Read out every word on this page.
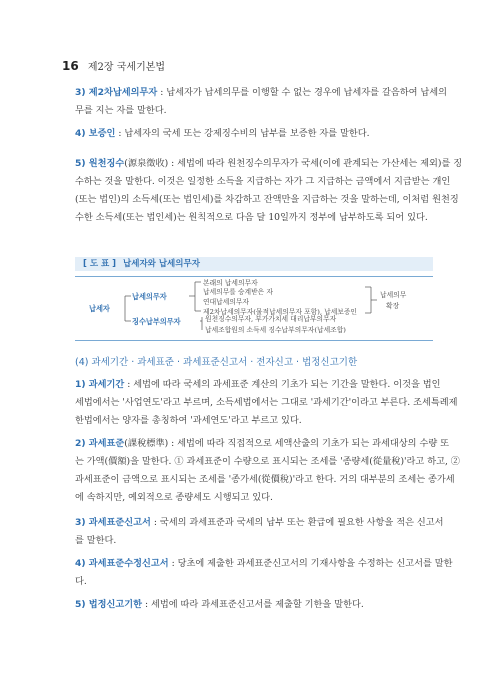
16 제2장 국세기본법
3) 제2차납세의무자 : 납세자가 납세의무를 이행할 수 없는 경우에 납세자를 갈음하여 납세의
무를 지는 자를 말한다.
4) 보증인 : 납세자의 국세 또는 강제징수비의 납부를 보증한 자를 말한다.
5) 원천징수(源泉徵收) : 세법에 따라 원천징수의무자가 국세(이에 관계되는 가산세는 제외)를 징
수하는 것을 말한다. 이것은 일정한 소득을 지급하는 자가 그 지급하는 금액에서 지급받는 개인
(또는 법인)의 소득세(또는 법인세)를 차감하고 잔액만을 지급하는 것을 말하는데, 이처럼 원천징
수한 소득세(또는 법인세)는 원칙적으로 다음 달 10일까지 정부에 납부하도록 되어 있다.
[ 도 표 ] 납세자와 납세의무자
납세자
납세의무자
징수납부의무자
본래의 납세의무자
납세의무를 승계받은 자
연대납세의무자
제2차납세의무자(물적납세의무자 포함), 납세보증인
원천징수의무자, 부가가치세 대리납부의무자
납세조합원의 소득세 징수납부의무자(납세조합)
납세의무
확장
(4) 과세기간 · 과세표준 · 과세표준신고서 · 전자신고 · 법정신고기한
1) 과세기간 : 세법에 따라 국세의 과세표준 계산의 기초가 되는 기간을 말한다. 이것을 법인
세법에서는 '사업연도'라고 부르며, 소득세법에서는 그대로 '과세기간'이라고 부른다. 조세특례제
한법에서는 양자를 총칭하여 '과세연도'라고 부르고 있다.
2) 과세표준(課稅標準) : 세법에 따라 직접적으로 세액산출의 기초가 되는 과세대상의 수량 또
는 가액(價額)을 말한다. ① 과세표준이 수량으로 표시되는 조세를 '종량세(從量稅)'라고 하고, ②
과세표준이 금액으로 표시되는 조세를 '종가세(從價稅)'라고 한다. 거의 대부분의 조세는 종가세
에 속하지만, 예외적으로 종량세도 시행되고 있다.
3) 과세표준신고서 : 국세의 과세표준과 국세의 납부 또는 환급에 필요한 사항을 적은 신고서
를 말한다.
4) 과세표준수정신고서 : 당초에 제출한 과세표준신고서의 기재사항을 수정하는 신고서를 말한
다.
5) 법정신고기한 : 세법에 따라 과세표준신고서를 제출할 기한을 말한다.
